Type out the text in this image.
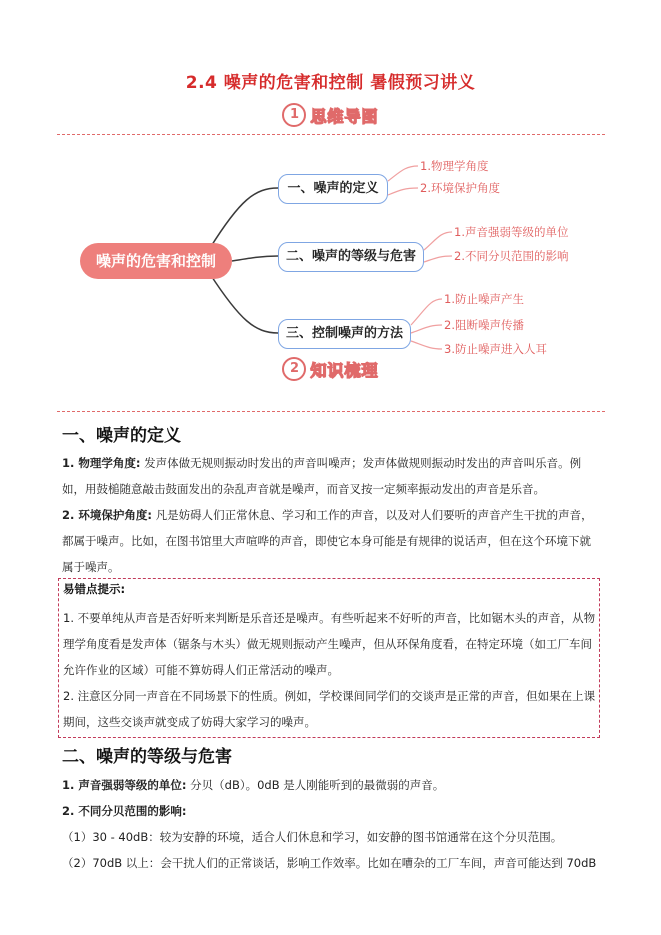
2.4 噪声的危害和控制 暑假预习讲义
1 思维导图
噪声的危害和控制
一、噪声的定义
二、噪声的等级与危害
三、控制噪声的方法
1.物理学角度
2.环境保护角度
1.声音强弱等级的单位
2.不同分贝范围的影响
1.防止噪声产生
2.阻断噪声传播
3.防止噪声进入人耳
2 知识梳理
一、噪声的定义
1. 物理学角度: 发声体做无规则振动时发出的声音叫噪声；发声体做规则振动时发出的声音叫乐音。例如，用鼓槌随意敲击鼓面发出的杂乱声音就是噪声，而音叉按一定频率振动发出的声音是乐音。
2. 环境保护角度: 凡是妨碍人们正常休息、学习和工作的声音，以及对人们要听的声音产生干扰的声音，都属于噪声。比如，在图书馆里大声喧哗的声音，即使它本身可能是有规律的说话声，但在这个环境下就属于噪声。
易错点提示:
1. 不要单纯从声音是否好听来判断是乐音还是噪声。有些听起来不好听的声音，比如锯木头的声音，从物理学角度看是发声体（锯条与木头）做无规则振动产生噪声，但从环保角度看，在特定环境（如工厂车间允许作业的区域）可能不算妨碍人们正常活动的噪声。
2. 注意区分同一声音在不同场景下的性质。例如，学校课间同学们的交谈声是正常的声音，但如果在上课期间，这些交谈声就变成了妨碍大家学习的噪声。
二、噪声的等级与危害
1. 声音强弱等级的单位: 分贝（dB）。0dB 是人刚能听到的最微弱的声音。
2. 不同分贝范围的影响:
（1）30 - 40dB：较为安静的环境，适合人们休息和学习，如安静的图书馆通常在这个分贝范围。
（2）70dB 以上：会干扰人们的正常谈话，影响工作效率。比如在嘈杂的工厂车间，声音可能达到 70dB
